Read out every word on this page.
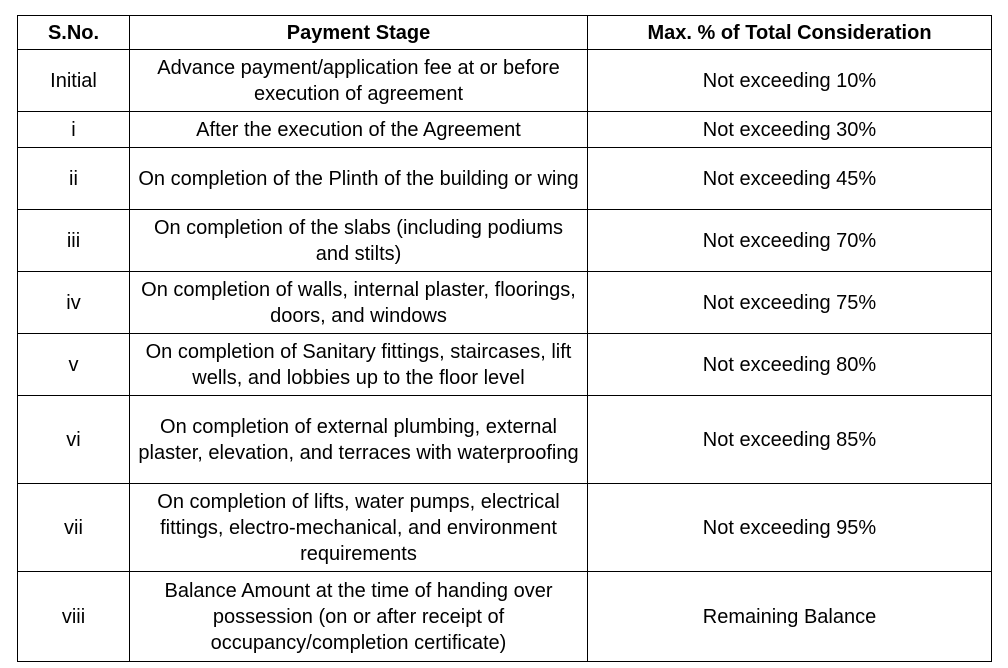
S.No.	Payment Stage	Max. % of Total Consideration
Initial	Advance payment/application fee at or before execution of agreement	Not exceeding 10%
i	After the execution of the Agreement	Not exceeding 30%
ii	On completion of the Plinth of the building or wing	Not exceeding 45%
iii	On completion of the slabs (including podiums and stilts)	Not exceeding 70%
iv	On completion of walls, internal plaster, floorings, doors, and windows	Not exceeding 75%
v	On completion of Sanitary fittings, staircases, lift wells, and lobbies up to the floor level	Not exceeding 80%
vi	On completion of external plumbing, external plaster, elevation, and terraces with waterproofing	Not exceeding 85%
vii	On completion of lifts, water pumps, electrical fittings, electro-mechanical, and environment requirements	Not exceeding 95%
viii	Balance Amount at the time of handing over possession (on or after receipt of occupancy/completion certificate)	Remaining Balance
